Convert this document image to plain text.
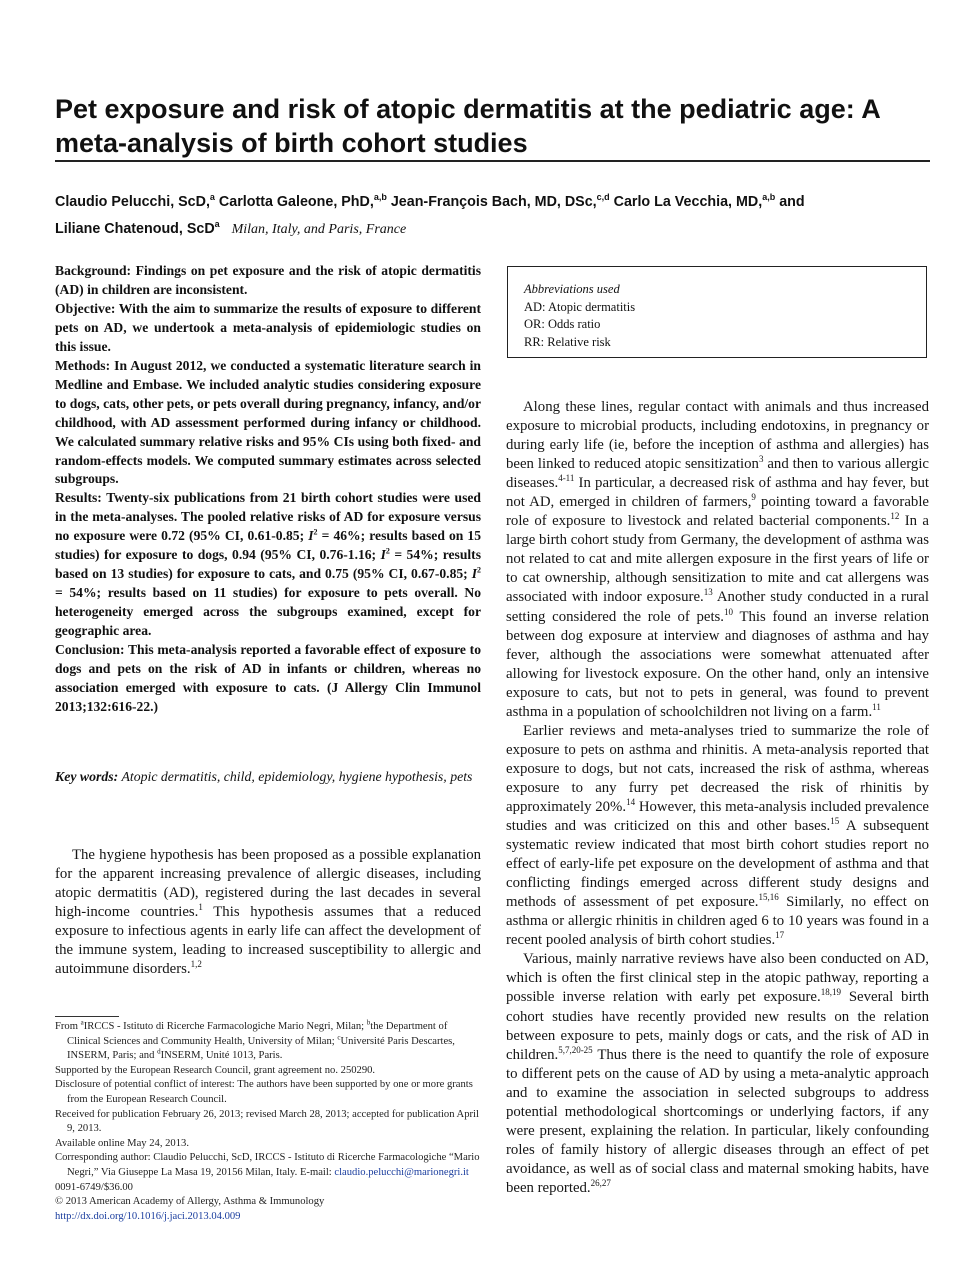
Pet exposure and risk of atopic dermatitis at the pediatric age: A meta-analysis of birth cohort studies
Claudio Pelucchi, ScD,$^a$ Carlotta Galeone, PhD,$^{a,b}$ Jean-François Bach, MD, DSc,$^{c,d}$ Carlo La Vecchia, MD,$^{a,b}$ and
Liliane Chatenoud, ScD$^a$ Milan, Italy, and Paris, France

Background: Findings on pet exposure and the risk of atopic dermatitis (AD) in children are inconsistent.

Objective: With the aim to summarize the results of exposure to different pets on AD, we undertook a meta-analysis of epidemiologic studies on this issue.

Methods: In August 2012, we conducted a systematic literature search in Medline and Embase. We included analytic studies considering exposure to dogs, cats, other pets, or pets overall during pregnancy, infancy, and/or childhood, with AD assessment performed during infancy or childhood. We calculated summary relative risks and 95% CIs using both fixed- and random-effects models. We computed summary estimates across selected subgroups.

Results: Twenty-six publications from 21 birth cohort studies were used in the meta-analyses. The pooled relative risks of AD for exposure versus no exposure were 0.72 (95% CI, 0.61-0.85; $I^2 = 46\%$; results based on 15 studies) for exposure to dogs, 0.94 (95% CI, 0.76-1.16; $I^2 = 54\%$; results based on 13 studies) for exposure to cats, and 0.75 (95% CI, 0.67-0.85; $I^2 = 54\%$; results based on 11 studies) for exposure to pets overall. No heterogeneity emerged across the subgroups examined, except for geographic area.

Conclusion: This meta-analysis reported a favorable effect of exposure to dogs and pets on the risk of AD in infants or children, whereas no association emerged with exposure to cats. (J Allergy Clin Immunol 2013;132:616-22.)

Key words: Atopic dermatitis, child, epidemiology, hygiene hypothesis, pets

The hygiene hypothesis has been proposed as a possible explanation for the apparent increasing prevalence of allergic diseases, including atopic dermatitis (AD), registered during the last decades in several high-income countries.$^1$ This hypothesis assumes that a reduced exposure to infectious agents in early life can affect the development of the immune system, leading to increased susceptibility to allergic and autoimmune disorders.$^{1,2}$

From $^a$IRCCS - Istituto di Ricerche Farmacologiche Mario Negri, Milan; $^b$the Department of Clinical Sciences and Community Health, University of Milan; $^c$Université Paris Descartes, INSERM, Paris; and $^d$INSERM, Unité 1013, Paris.

Supported by the European Research Council, grant agreement no. 250290.

Disclosure of potential conflict of interest: The authors have been supported by one or more grants from the European Research Council.

Received for publication February 26, 2013; revised March 28, 2013; accepted for publication April 9, 2013.

Available online May 24, 2013.

Corresponding author: Claudio Pelucchi, ScD, IRCCS - Istituto di Ricerche Farmacologiche “Mario Negri,” Via Giuseppe La Masa 19, 20156 Milan, Italy. E-mail: claudio.pelucchi@marionegri.it

0091-6749/$36.00

© 2013 American Academy of Allergy, Asthma & Immunology

http://dx.doi.org/10.1016/j.jaci.2013.04.009

Abbreviations used
AD: Atopic dermatitis
OR: Odds ratio
RR: Relative risk

Along these lines, regular contact with animals and thus increased exposure to microbial products, including endotoxins, in pregnancy or during early life (ie, before the inception of asthma and allergies) has been linked to reduced atopic sensitization$^3$ and then to various allergic diseases.$^{4-11}$ In particular, a decreased risk of asthma and hay fever, but not AD, emerged in children of farmers,$^9$ pointing toward a favorable role of exposure to livestock and related bacterial components.$^{12}$ In a large birth cohort study from Germany, the development of asthma was not related to cat and mite allergen exposure in the first years of life or to cat ownership, although sensitization to mite and cat allergens was associated with indoor exposure.$^{13}$ Another study conducted in a rural setting considered the role of pets.$^{10}$ This found an inverse relation between dog exposure at interview and diagnoses of asthma and hay fever, although the associations were somewhat attenuated after allowing for livestock exposure. On the other hand, only an intensive exposure to cats, but not to pets in general, was found to prevent asthma in a population of schoolchildren not living on a farm.$^{11}$

Earlier reviews and meta-analyses tried to summarize the role of exposure to pets on asthma and rhinitis. A meta-analysis reported that exposure to dogs, but not cats, increased the risk of asthma, whereas exposure to any furry pet decreased the risk of rhinitis by approximately 20%.$^{14}$ However, this meta-analysis included prevalence studies and was criticized on this and other bases.$^{15}$ A subsequent systematic review indicated that most birth cohort studies report no effect of early-life pet exposure on the development of asthma and that conflicting findings emerged across different study designs and methods of assessment of pet exposure.$^{15,16}$ Similarly, no effect on asthma or allergic rhinitis in children aged 6 to 10 years was found in a recent pooled analysis of birth cohort studies.$^{17}$

Various, mainly narrative reviews have also been conducted on AD, which is often the first clinical step in the atopic pathway, reporting a possible inverse relation with early pet exposure.$^{18,19}$ Several birth cohort studies have recently provided new results on the relation between exposure to pets, mainly dogs or cats, and the risk of AD in children.$^{5,7,20-25}$ Thus there is the need to quantify the role of exposure to different pets on the cause of AD by using a meta-analytic approach and to examine the association in selected subgroups to address potential methodological shortcomings or underlying factors, if any were present, explaining the relation. In particular, likely confounding roles of family history of allergic diseases through an effect of pet avoidance, as well as of social class and maternal smoking habits, have been reported.$^{26,27}$
